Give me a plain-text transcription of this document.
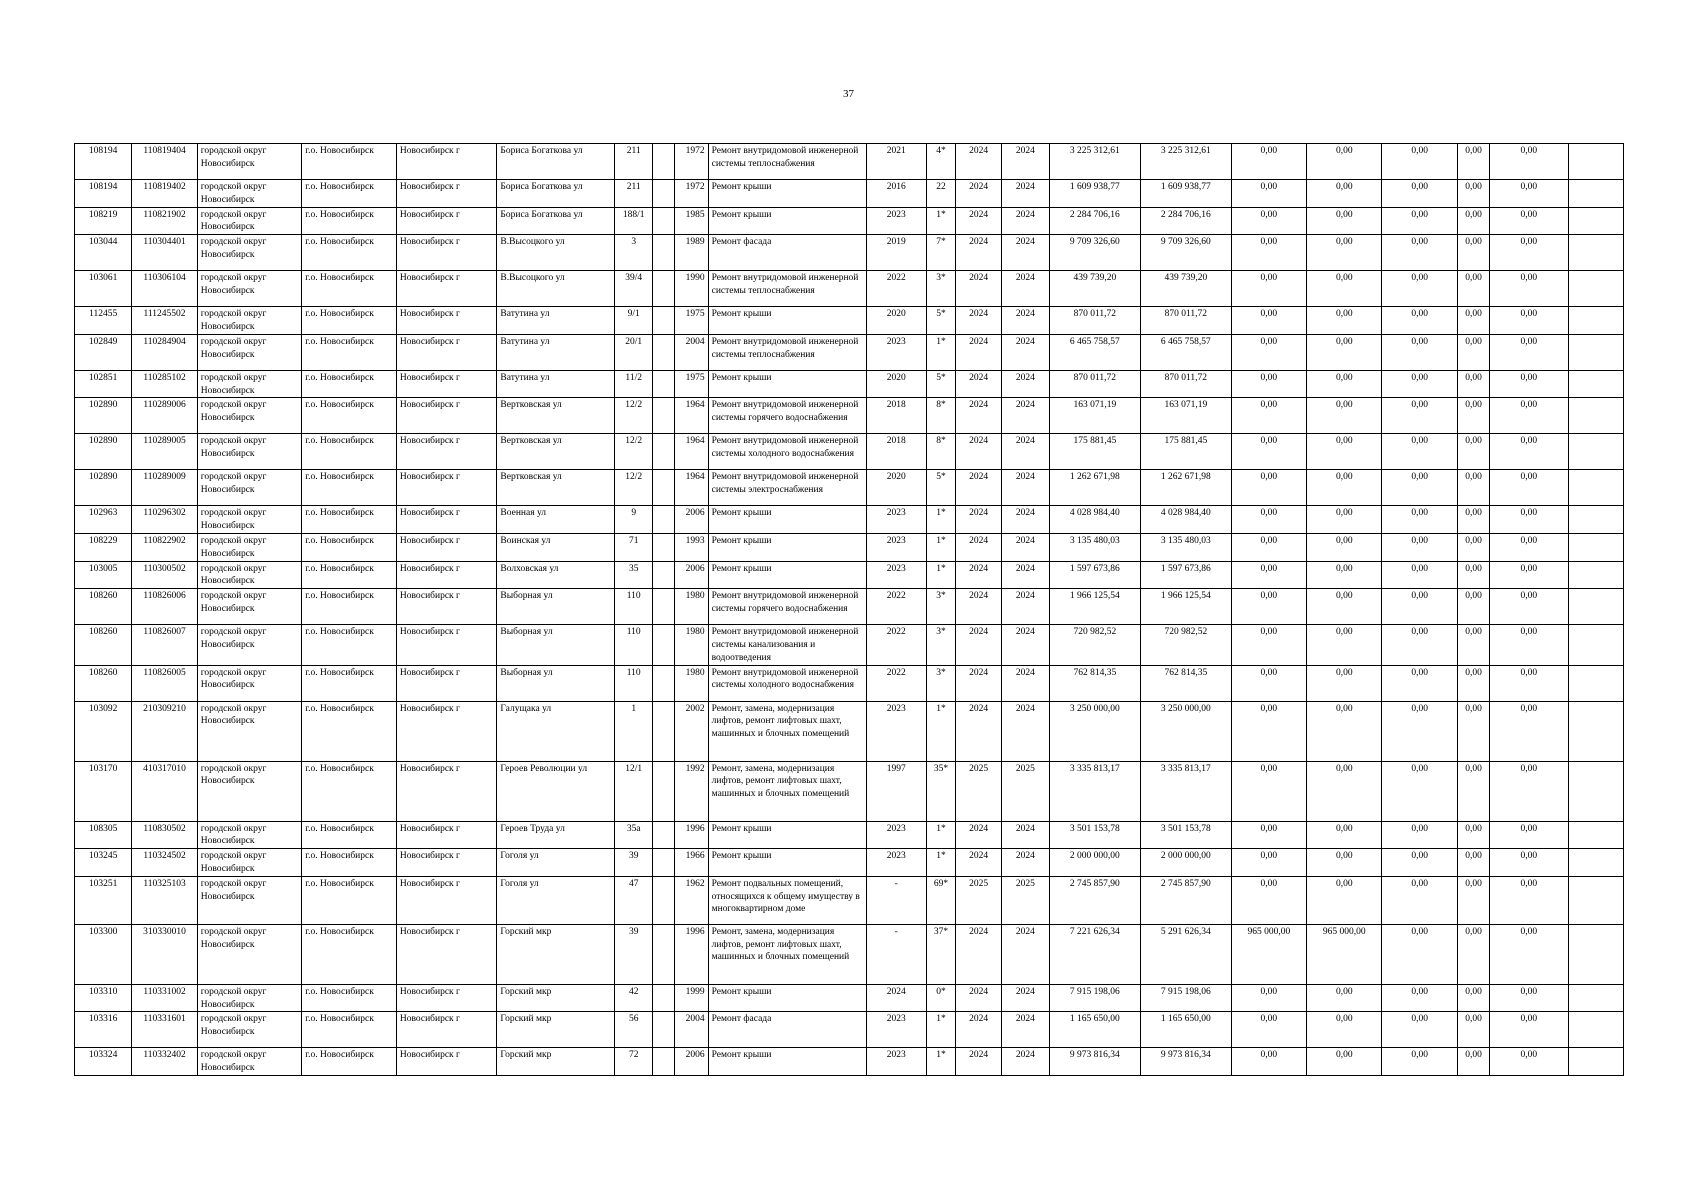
37
108194	110819404	городской округ Новосибирск	г.о. Новосибирск	Новосибирск г	Бориса Богаткова ул	211		1972	Ремонт внутридомовой инженерной системы теплоснабжения	2021	4*	2024	2024	3 225 312,61	3 225 312,61	0,00	0,00	0,00	0,00	0,00	
108194	110819402	городской округ Новосибирск	г.о. Новосибирск	Новосибирск г	Бориса Богаткова ул	211		1972	Ремонт крыши	2016	22	2024	2024	1 609 938,77	1 609 938,77	0,00	0,00	0,00	0,00	0,00	
108219	110821902	городской округ Новосибирск	г.о. Новосибирск	Новосибирск г	Бориса Богаткова ул	188/1		1985	Ремонт крыши	2023	1*	2024	2024	2 284 706,16	2 284 706,16	0,00	0,00	0,00	0,00	0,00	
103044	110304401	городской округ Новосибирск	г.о. Новосибирск	Новосибирск г	В.Высоцкого ул	3		1989	Ремонт фасада	2019	7*	2024	2024	9 709 326,60	9 709 326,60	0,00	0,00	0,00	0,00	0,00	
103061	110306104	городской округ Новосибирск	г.о. Новосибирск	Новосибирск г	В.Высоцкого ул	39/4		1990	Ремонт внутридомовой инженерной системы теплоснабжения	2022	3*	2024	2024	439 739,20	439 739,20	0,00	0,00	0,00	0,00	0,00	
112455	111245502	городской округ Новосибирск	г.о. Новосибирск	Новосибирск г	Ватутина ул	9/1		1975	Ремонт крыши	2020	5*	2024	2024	870 011,72	870 011,72	0,00	0,00	0,00	0,00	0,00	
102849	110284904	городской округ Новосибирск	г.о. Новосибирск	Новосибирск г	Ватутина ул	20/1		2004	Ремонт внутридомовой инженерной системы теплоснабжения	2023	1*	2024	2024	6 465 758,57	6 465 758,57	0,00	0,00	0,00	0,00	0,00	
102851	110285102	городской округ Новосибирск	г.о. Новосибирск	Новосибирск г	Ватутина ул	11/2		1975	Ремонт крыши	2020	5*	2024	2024	870 011,72	870 011,72	0,00	0,00	0,00	0,00	0,00	
102890	110289006	городской округ Новосибирск	г.о. Новосибирск	Новосибирск г	Вертковская ул	12/2		1964	Ремонт внутридомовой инженерной системы горячего водоснабжения	2018	8*	2024	2024	163 071,19	163 071,19	0,00	0,00	0,00	0,00	0,00	
102890	110289005	городской округ Новосибирск	г.о. Новосибирск	Новосибирск г	Вертковская ул	12/2		1964	Ремонт внутридомовой инженерной системы холодного водоснабжения	2018	8*	2024	2024	175 881,45	175 881,45	0,00	0,00	0,00	0,00	0,00	
102890	110289009	городской округ Новосибирск	г.о. Новосибирск	Новосибирск г	Вертковская ул	12/2		1964	Ремонт внутридомовой инженерной системы электроснабжения	2020	5*	2024	2024	1 262 671,98	1 262 671,98	0,00	0,00	0,00	0,00	0,00	
102963	110296302	городской округ Новосибирск	г.о. Новосибирск	Новосибирск г	Военная ул	9		2006	Ремонт крыши	2023	1*	2024	2024	4 028 984,40	4 028 984,40	0,00	0,00	0,00	0,00	0,00	
108229	110822902	городской округ Новосибирск	г.о. Новосибирск	Новосибирск г	Воинская ул	71		1993	Ремонт крыши	2023	1*	2024	2024	3 135 480,03	3 135 480,03	0,00	0,00	0,00	0,00	0,00	
103005	110300502	городской округ Новосибирск	г.о. Новосибирск	Новосибирск г	Волховская ул	35		2006	Ремонт крыши	2023	1*	2024	2024	1 597 673,86	1 597 673,86	0,00	0,00	0,00	0,00	0,00	
108260	110826006	городской округ Новосибирск	г.о. Новосибирск	Новосибирск г	Выборная ул	110		1980	Ремонт внутридомовой инженерной системы горячего водоснабжения	2022	3*	2024	2024	1 966 125,54	1 966 125,54	0,00	0,00	0,00	0,00	0,00	
108260	110826007	городской округ Новосибирск	г.о. Новосибирск	Новосибирск г	Выборная ул	110		1980	Ремонт внутридомовой инженерной системы канализования и водоотведения	2022	3*	2024	2024	720 982,52	720 982,52	0,00	0,00	0,00	0,00	0,00	
108260	110826005	городской округ Новосибирск	г.о. Новосибирск	Новосибирск г	Выборная ул	110		1980	Ремонт внутридомовой инженерной системы холодного водоснабжения	2022	3*	2024	2024	762 814,35	762 814,35	0,00	0,00	0,00	0,00	0,00	
103092	210309210	городской округ Новосибирск	г.о. Новосибирск	Новосибирск г	Галущака ул	1		2002	Ремонт, замена, модернизация лифтов, ремонт лифтовых шахт, машинных и блочных помещений	2023	1*	2024	2024	3 250 000,00	3 250 000,00	0,00	0,00	0,00	0,00	0,00	
103170	410317010	городской округ Новосибирск	г.о. Новосибирск	Новосибирск г	Героев Революции ул	12/1		1992	Ремонт, замена, модернизация лифтов, ремонт лифтовых шахт, машинных и блочных помещений	1997	35*	2025	2025	3 335 813,17	3 335 813,17	0,00	0,00	0,00	0,00	0,00	
108305	110830502	городской округ Новосибирск	г.о. Новосибирск	Новосибирск г	Героев Труда ул	35а		1996	Ремонт крыши	2023	1*	2024	2024	3 501 153,78	3 501 153,78	0,00	0,00	0,00	0,00	0,00	
103245	110324502	городской округ Новосибирск	г.о. Новосибирск	Новосибирск г	Гоголя ул	39		1966	Ремонт крыши	2023	1*	2024	2024	2 000 000,00	2 000 000,00	0,00	0,00	0,00	0,00	0,00	
103251	110325103	городской округ Новосибирск	г.о. Новосибирск	Новосибирск г	Гоголя ул	47		1962	Ремонт подвальных помещений, относящихся к общему имуществу в многоквартирном доме	-	69*	2025	2025	2 745 857,90	2 745 857,90	0,00	0,00	0,00	0,00	0,00	
103300	310330010	городской округ Новосибирск	г.о. Новосибирск	Новосибирск г	Горский мкр	39		1996	Ремонт, замена, модернизация лифтов, ремонт лифтовых шахт, машинных и блочных помещений	-	37*	2024	2024	7 221 626,34	5 291 626,34	965 000,00	965 000,00	0,00	0,00	0,00	
103310	110331002	городской округ Новосибирск	г.о. Новосибирск	Новосибирск г	Горский мкр	42		1999	Ремонт крыши	2024	0*	2024	2024	7 915 198,06	7 915 198,06	0,00	0,00	0,00	0,00	0,00	
103316	110331601	городской округ Новосибирск	г.о. Новосибирск	Новосибирск г	Горский мкр	56		2004	Ремонт фасада	2023	1*	2024	2024	1 165 650,00	1 165 650,00	0,00	0,00	0,00	0,00	0,00	
103324	110332402	городской округ Новосибирск	г.о. Новосибирск	Новосибирск г	Горский мкр	72		2006	Ремонт крыши	2023	1*	2024	2024	9 973 816,34	9 973 816,34	0,00	0,00	0,00	0,00	0,00	
